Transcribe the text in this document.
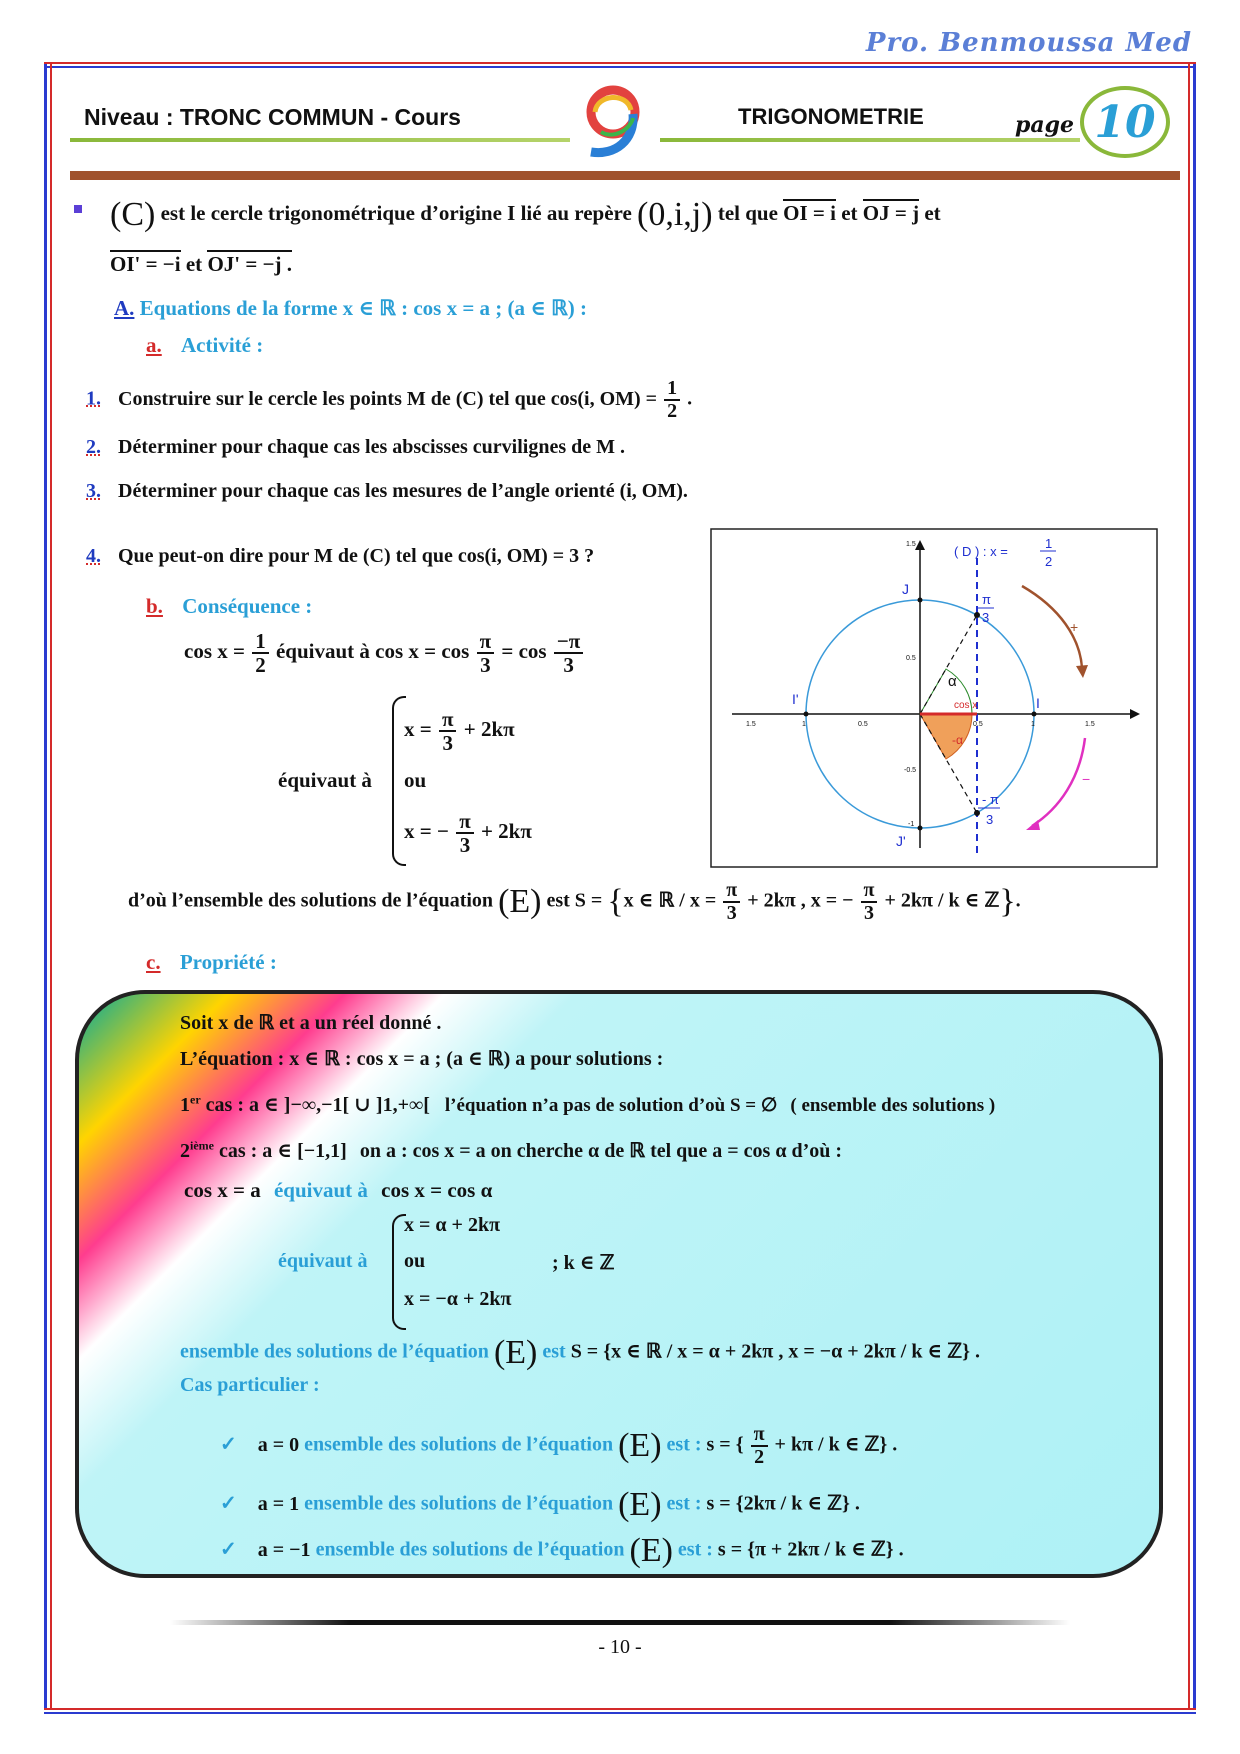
Pro. Benmoussa Med
Niveau : TRONC COMMUN - Cours	TRIGONOMETRIE	page 10
(C) est le cercle trigonométrique d’origine I lié au repère (0,i,j) tel que OI = i et OJ = j et
OI' = −i et OJ' = −j .
A. Equations de la forme x ∈ ℝ : cos x = a ; (a ∈ ℝ) :
a. Activité :
1. Construire sur le cercle les points M de (C) tel que cos(i, $OM) = \frac{1}{2}$ .
2. Déterminer pour chaque cas les abscisses curvilignes de M .
3. Déterminer pour chaque cas les mesures de l’angle orienté (i, OM).
4. Que peut-on dire pour M de (C) tel que cos(i, OM) = 3 ?
b. Conséquence :
$\cos x = \frac{1}{2}$ équivaut à $\cos x = \cos \frac{\pi}{3} = \cos \frac{-\pi}{3}$
équivaut à
$x = \frac{\pi}{3} + 2k\pi$
ou
x = − $\frac{\pi}{3} + 2k\pi$
d’où l’ensemble des solutions de l’équation (E) est S = {x ∈ ℝ / $x = \frac{\pi}{3} + 2k\pi$ , x = − $\frac{\pi}{3} + 2k\pi / k$ ∈ ℤ}.
( D ) : x =
1
2
J
J'
I
I'
π
3
- π
3
α
-α
cos x
+
−
1.5	1	0.5	0.5	1	1.5
1.5
0.5
-0.5
-1
c. Propriété :
Soit x de ℝ et a un réel donné .
L’équation : x ∈ ℝ : cos x = a ; (a ∈ ℝ) a pour solutions :
1er cas : a ∈ ]−∞,−1[ ∪ ]1,+∞[ l’équation n’a pas de solution d’où S = ∅ ( ensemble des solutions )
2ième cas : a ∈ [−1,1] on a : cos x = a on cherche α de ℝ tel que a = cos α d’où :
cos x = a équivaut à cos x = cos α
équivaut à
x = α + 2kπ
ou
x = −α + 2kπ
; k ∈ ℤ
ensemble des solutions de l’équation (E) est S = {x ∈ ℝ / x = α + 2kπ , x = −α + 2kπ / k ∈ ℤ} .
Cas particulier :
✓ a = 0 ensemble des solutions de l’équation (E) est : s = { $\frac{\pi}{2} + k\pi / k$ ∈ ℤ} .
✓ a = 1 ensemble des solutions de l’équation (E) est : s = {2kπ / k ∈ ℤ} .
✓ a = −1 ensemble des solutions de l’équation (E) est : s = {π + 2kπ / k ∈ ℤ} .
- 10 -
